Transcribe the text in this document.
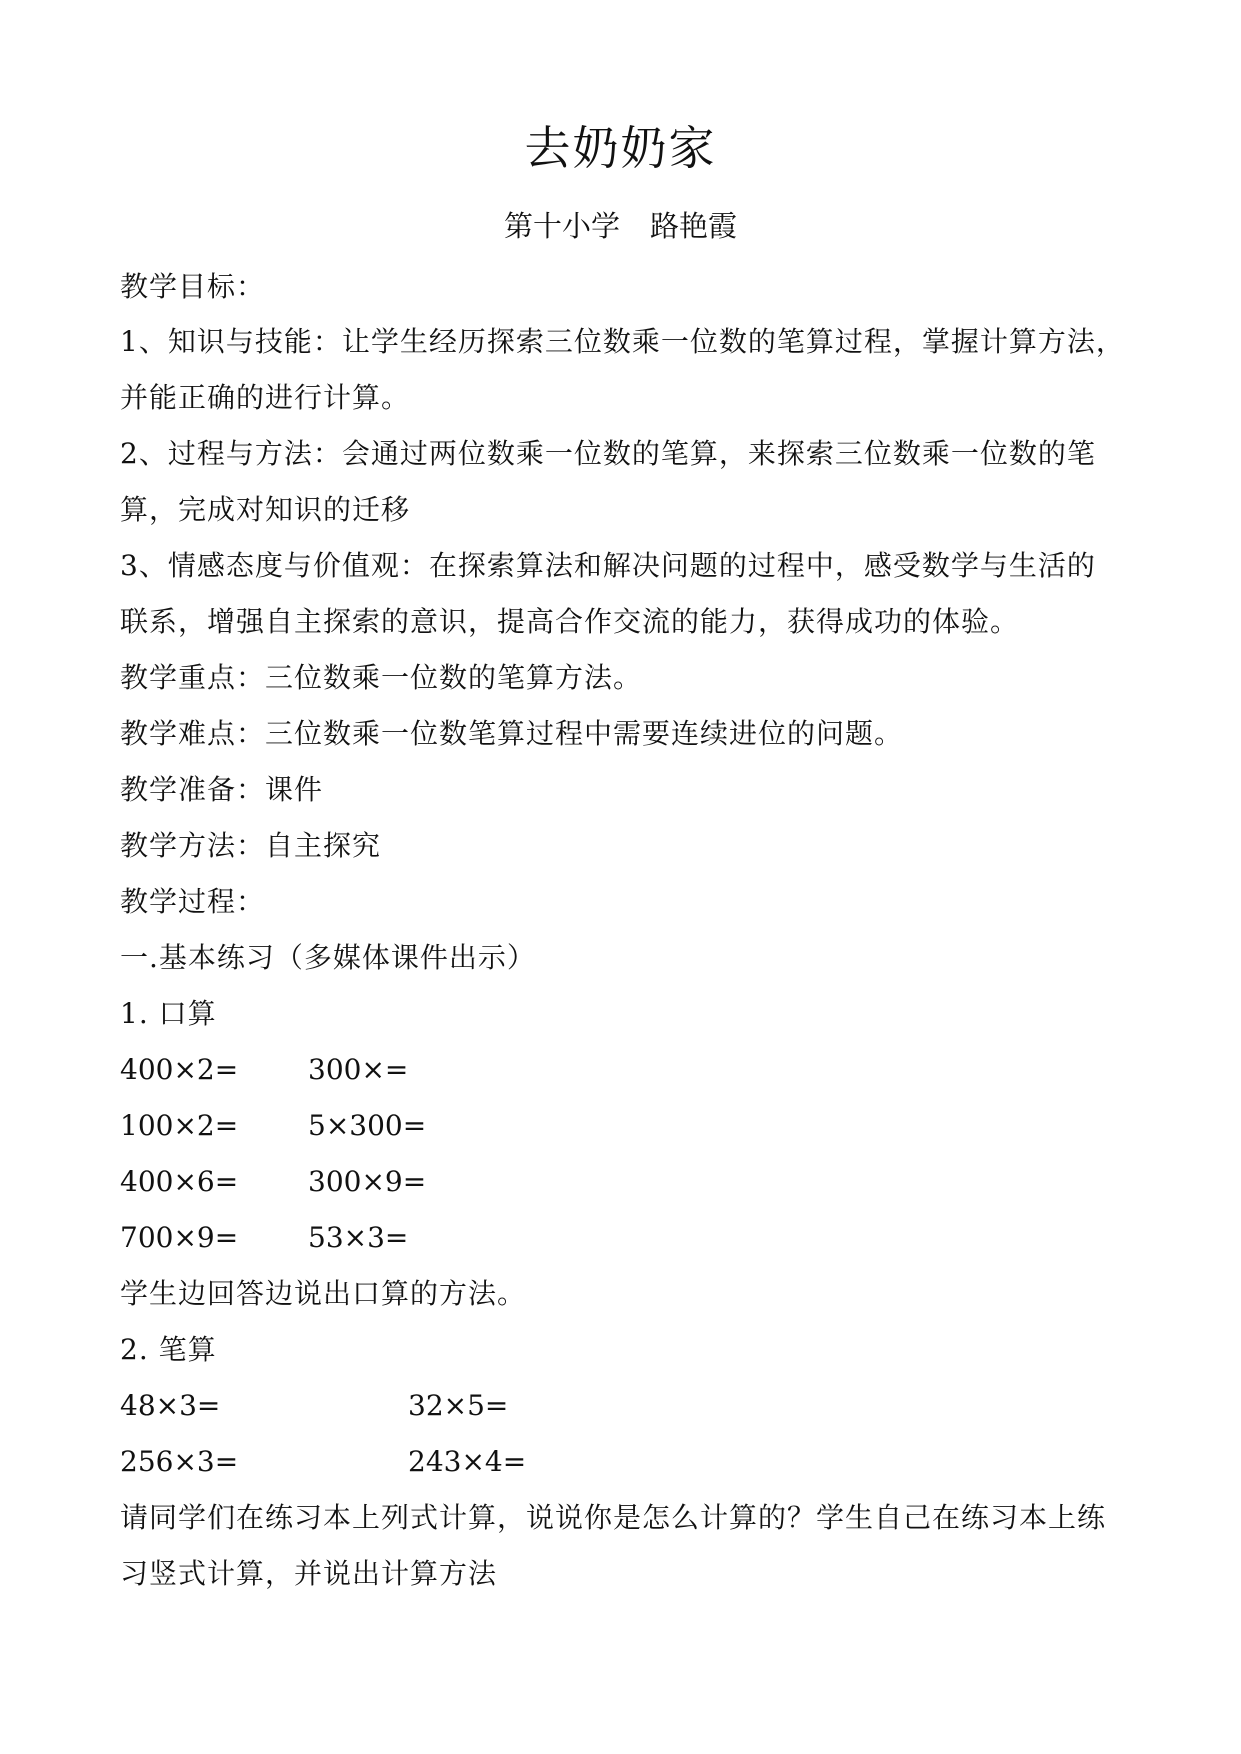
去奶奶家
第十小学 路艳霞
教学目标：
1、知识与技能：让学生经历探索三位数乘一位数的笔算过程，掌握计算方法，
并能正确的进行计算。
2、过程与方法：会通过两位数乘一位数的笔算，来探索三位数乘一位数的笔
算，完成对知识的迁移
3、情感态度与价值观：在探索算法和解决问题的过程中，感受数学与生活的
联系，增强自主探索的意识，提高合作交流的能力，获得成功的体验。
教学重点：三位数乘一位数的笔算方法。
教学难点：三位数乘一位数笔算过程中需要连续进位的问题。
教学准备：课件
教学方法：自主探究
教学过程：
一.基本练习（多媒体课件出示）
1. 口算
400×2= 300×=
100×2= 5×300=
400×6= 300×9=
700×9= 53×3=
学生边回答边说出口算的方法。
2. 笔算
48×3=	32×5=
256×3=	243×4=
请同学们在练习本上列式计算，说说你是怎么计算的？学生自己在练习本上练
习竖式计算，并说出计算方法
